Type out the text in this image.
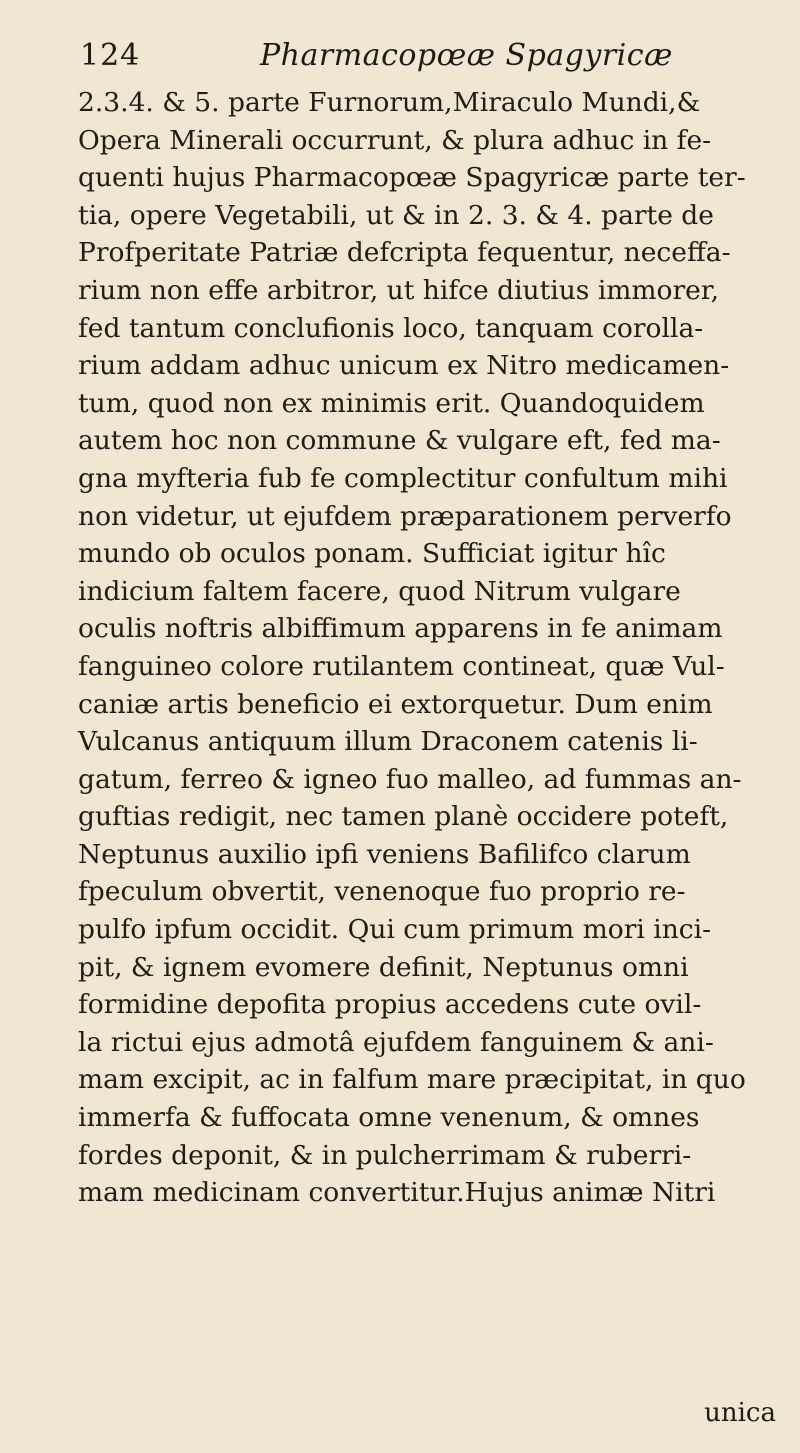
124	Pharmacopœæ Spagyricæ
2.3.4. & 5. parte Furnorum,Miraculo Mundi,&
Opera Minerali occurrunt, & plura adhuc in fe-
quenti hujus Pharmacopœæ Spagyricæ parte ter-
tia, opere Vegetabili, ut & in 2. 3. & 4. parte de
Profperitate Patriæ defcripta fequentur, neceffa-
rium non effe arbitror, ut hifce diutius immorer,
fed tantum conclufionis loco, tanquam corolla-
rium addam adhuc unicum ex Nitro medicamen-
tum, quod non ex minimis erit. Quandoquidem
autem hoc non commune & vulgare eft, fed ma-
gna myfteria fub fe complectitur confultum mihi
non videtur, ut ejufdem præparationem perverfo
mundo ob oculos ponam. Sufficiat igitur hîc
indicium faltem facere, quod Nitrum vulgare
oculis noftris albiffimum apparens in fe animam
fanguineo colore rutilantem contineat, quæ Vul-
caniæ artis beneficio ei extorquetur. Dum enim
Vulcanus antiquum illum Draconem catenis li-
gatum, ferreo & igneo fuo malleo, ad fummas an-
guftias redigit, nec tamen planè occidere poteft,
Neptunus auxilio ipfi veniens Bafilifco clarum
fpeculum obvertit, venenoque fuo proprio re-
pulfo ipfum occidit. Qui cum primum mori inci-
pit, & ignem evomere definit, Neptunus omni
formidine depofita propius accedens cute ovil-
la rictui ejus admotâ ejufdem fanguinem & ani-
mam excipit, ac in falfum mare præcipitat, in quo
immerfa & fuffocata omne venenum, & omnes
fordes deponit, & in pulcherrimam & ruberri-
mam medicinam convertitur.Hujus animæ Nitri
unica
